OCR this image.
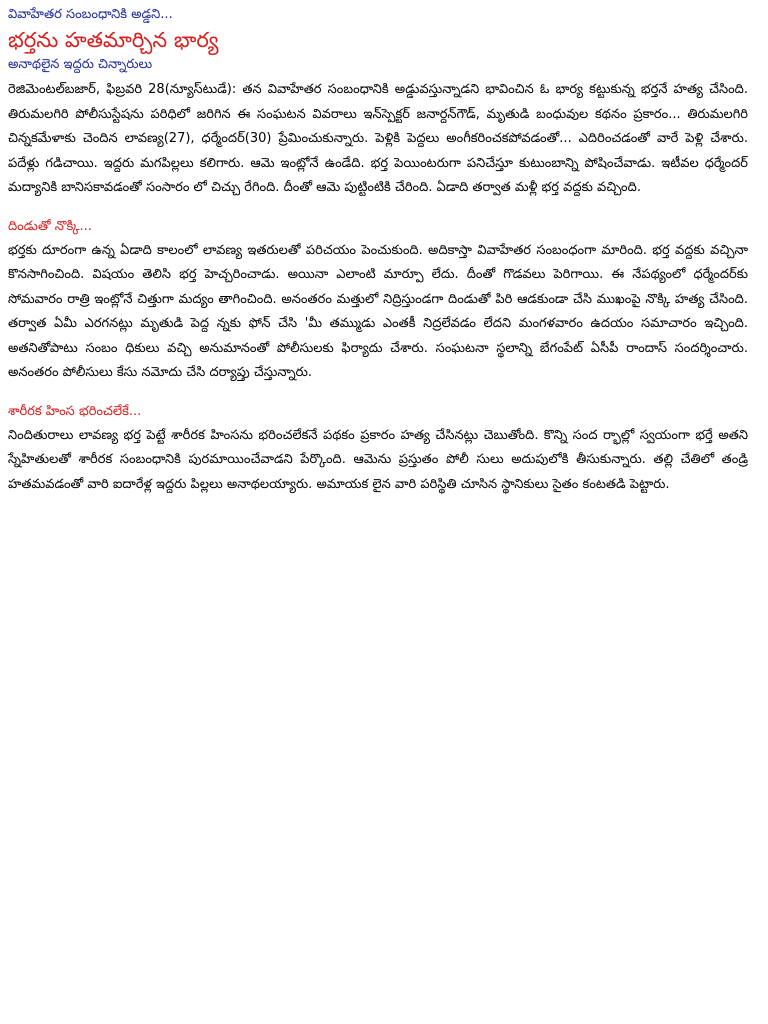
వివాహేతర సంబంధానికి అడ్డని...

భర్తను హతమార్చిన భార్య

అనాథలైన ఇద్దరు చిన్నారులు

రెజిమెంటల్‌బజార్, ఫిబ్రవరి 28(న్యూస్‌టుడే): తన వివాహేతర సంబంధానికి అడ్డువస్తున్నాడని భావించిన ఓ భార్య కట్టుకున్న భర్తనే హత్య చేసింది. తిరుమలగిరి పోలీసుస్టేషను పరిధిలో జరిగిన ఈ సంఘటన వివరాలు ఇన్‌స్పెక్టర్ జనార్దన్‌గౌడ్, మృతుడి బంధువుల కథనం ప్రకారం... తిరుమలగిరి చిన్నకమేళాకు చెందిన లావణ్య(27), ధర్మేందర్(30) ప్రేమించుకున్నారు. పెళ్లికి పెద్దలు అంగీకరించకపోవడంతో... ఎదిరించడంతో వారే పెళ్లి చేశారు. పదేళ్లు గడిచాయి. ఇద్దరు మగపిల్లలు కలిగారు. ఆమె ఇంట్లోనే ఉండేది. భర్త పెయింటరుగా పనిచేస్తూ కుటుంబాన్ని పోషించేవాడు. ఇటీవల ధర్మేందర్ మద్యానికి బానిసకావడంతో సంసారం లో చిచ్చు రేగింది. దీంతో ఆమె పుట్టింటికి చేరింది. ఏడాది తర్వాత మళ్లీ భర్త వద్దకు వచ్చింది.

దిండుతో నొక్కి...

భర్తకు దూరంగా ఉన్న ఏడాది కాలంలో లావణ్య ఇతరులతో పరిచయం పెంచుకుంది. అదికాస్తా వివాహేతర సంబంధంగా మారింది. భర్త వద్దకు వచ్చినా కొనసాగించింది. విషయం తెలిసి భర్త హెచ్చరించాడు. అయినా ఎలాంటి మార్పూ లేదు. దీంతో గొడవలు పెరిగాయి. ఈ నేపథ్యంలో ధర్మేందర్‌కు సోమవారం రాత్రి ఇంట్లోనే చిత్తుగా మద్యం తాగించింది. అనంతరం మత్తులో నిద్రిస్తుండగా దిండుతో పిరి ఆడకుండా చేసి ముఖంపై నొక్కి హత్య చేసింది. తర్వాత ఏమీ ఎరగనట్లు మృతుడి పెద్ద న్నకు ఫోన్ చేసి 'మీ తమ్ముడు ఎంతకీ నిద్రలేవడం లేదని మంగళవారం ఉదయం సమాచారం ఇచ్చింది. అతనితోపాటు సంబం ధికులు వచ్చి అనుమానంతో పోలీసులకు ఫిర్యాదు చేశారు. సంఘటనా స్థలాన్ని బేగంపేట్ ఏసీపీ రాందాస్ సందర్శించారు. అనంతరం పోలీసులు కేసు నమోదు చేసి దర్యాప్తు చేస్తున్నారు.

శారీరక హింస భరించలేకే...

నిందితురాలు లావణ్య భర్త పెట్టే శారీరక హింసను భరించలేకనే పథకం ప్రకారం హత్య చేసినట్లు చెబుతోంది. కొన్ని సంద ర్భాల్లో స్వయంగా భర్తే అతని స్నేహితులతో శారీరక సంబంధానికి పురమాయించేవాడని పేర్కొంది. ఆమెను ప్రస్తుతం పోలీ సులు అదుపులోకి తీసుకున్నారు. తల్లి చేతిలో తండ్రి హతమవడంతో వారి ఐదారేళ్ల ఇద్దరు పిల్లలు అనాథలయ్యారు. అమాయక లైన వారి పరిస్థితి చూసిన స్థానికులు సైతం కంటతడి పెట్టారు.
